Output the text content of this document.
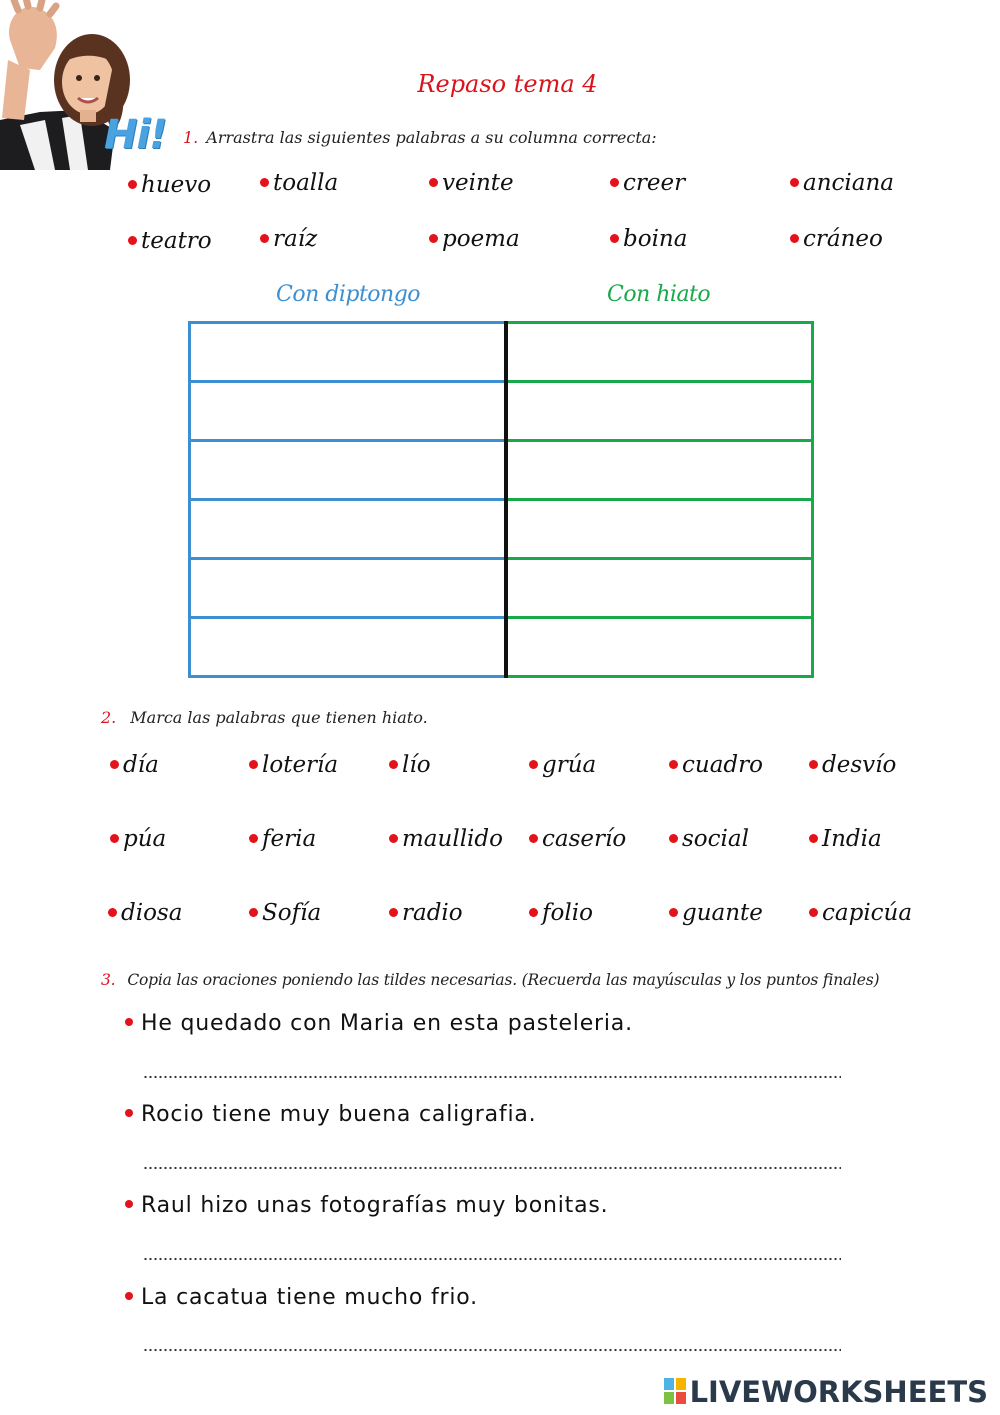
Hi!
Repaso tema 4
1. Arrastra las siguientes palabras a su columna correcta:
huevo	toalla	veinte	creer	anciana
teatro	raíz	poema	boina	cráneo
Con diptongo	Con hiato
2. Marca las palabras que tienen hiato.
día	lotería	lío	grúa	cuadro	desvío
púa	feria	maullido	caserío	social	India
diosa	Sofía	radio	folio	guante	capicúa
3. Copia las oraciones poniendo las tildes necesarias. (Recuerda las mayúsculas y los puntos finales)
He quedado con Maria en esta pasteleria.
Rocio tiene muy buena caligrafia.
Raul hizo unas fotografías muy bonitas.
La cacatua tiene mucho frio.
LIVEWORKSHEETS
